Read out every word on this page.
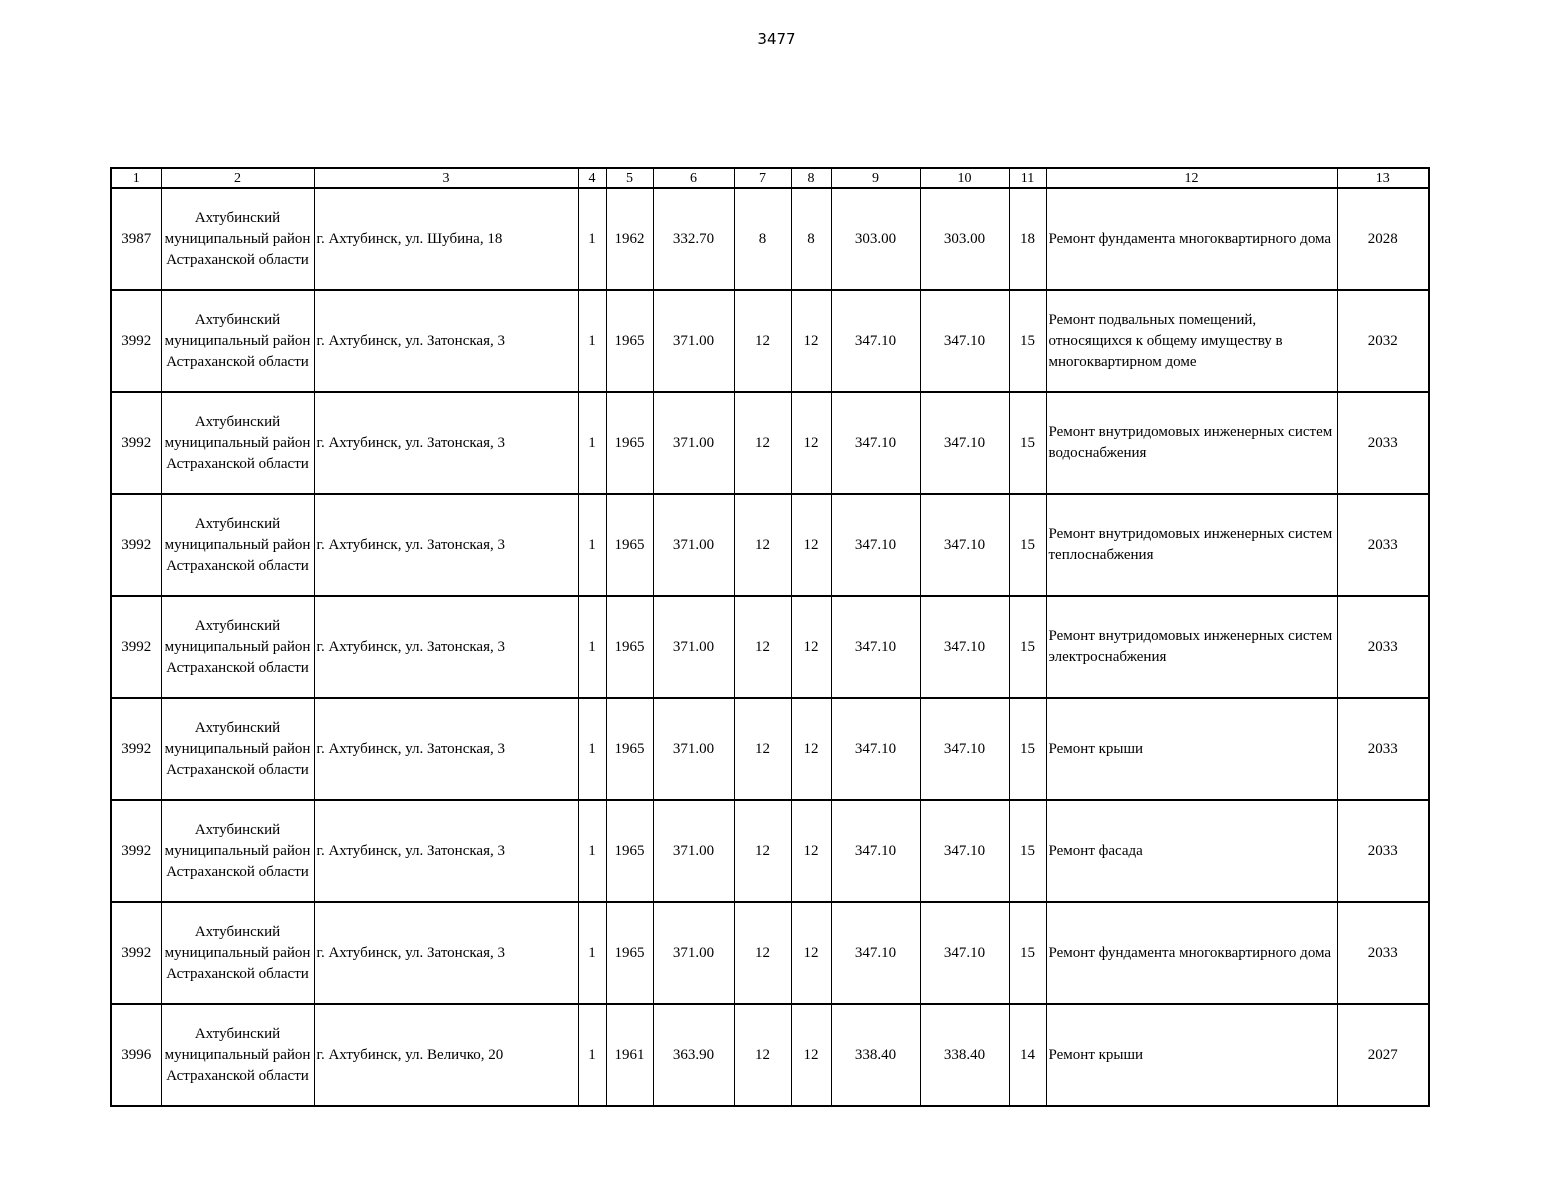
3477
1	2	3	4	5	6	7	8	9	10	11	12	13
3987	Ахтубинский муниципальный район Астраханской области	г. Ахтубинск, ул. Шубина, 18	1	1962	332.70	8	8	303.00	303.00	18	Ремонт фундамента многоквартирного дома	2028
3992	Ахтубинский муниципальный район Астраханской области	г. Ахтубинск, ул. Затонская, 3	1	1965	371.00	12	12	347.10	347.10	15	Ремонт подвальных помещений, относящихся к общему имуществу в многоквартирном доме	2032
3992	Ахтубинский муниципальный район Астраханской области	г. Ахтубинск, ул. Затонская, 3	1	1965	371.00	12	12	347.10	347.10	15	Ремонт внутридомовых инженерных систем водоснабжения	2033
3992	Ахтубинский муниципальный район Астраханской области	г. Ахтубинск, ул. Затонская, 3	1	1965	371.00	12	12	347.10	347.10	15	Ремонт внутридомовых инженерных систем теплоснабжения	2033
3992	Ахтубинский муниципальный район Астраханской области	г. Ахтубинск, ул. Затонская, 3	1	1965	371.00	12	12	347.10	347.10	15	Ремонт внутридомовых инженерных систем электроснабжения	2033
3992	Ахтубинский муниципальный район Астраханской области	г. Ахтубинск, ул. Затонская, 3	1	1965	371.00	12	12	347.10	347.10	15	Ремонт крыши	2033
3992	Ахтубинский муниципальный район Астраханской области	г. Ахтубинск, ул. Затонская, 3	1	1965	371.00	12	12	347.10	347.10	15	Ремонт фасада	2033
3992	Ахтубинский муниципальный район Астраханской области	г. Ахтубинск, ул. Затонская, 3	1	1965	371.00	12	12	347.10	347.10	15	Ремонт фундамента многоквартирного дома	2033
3996	Ахтубинский муниципальный район Астраханской области	г. Ахтубинск, ул. Величко, 20	1	1961	363.90	12	12	338.40	338.40	14	Ремонт крыши	2027
